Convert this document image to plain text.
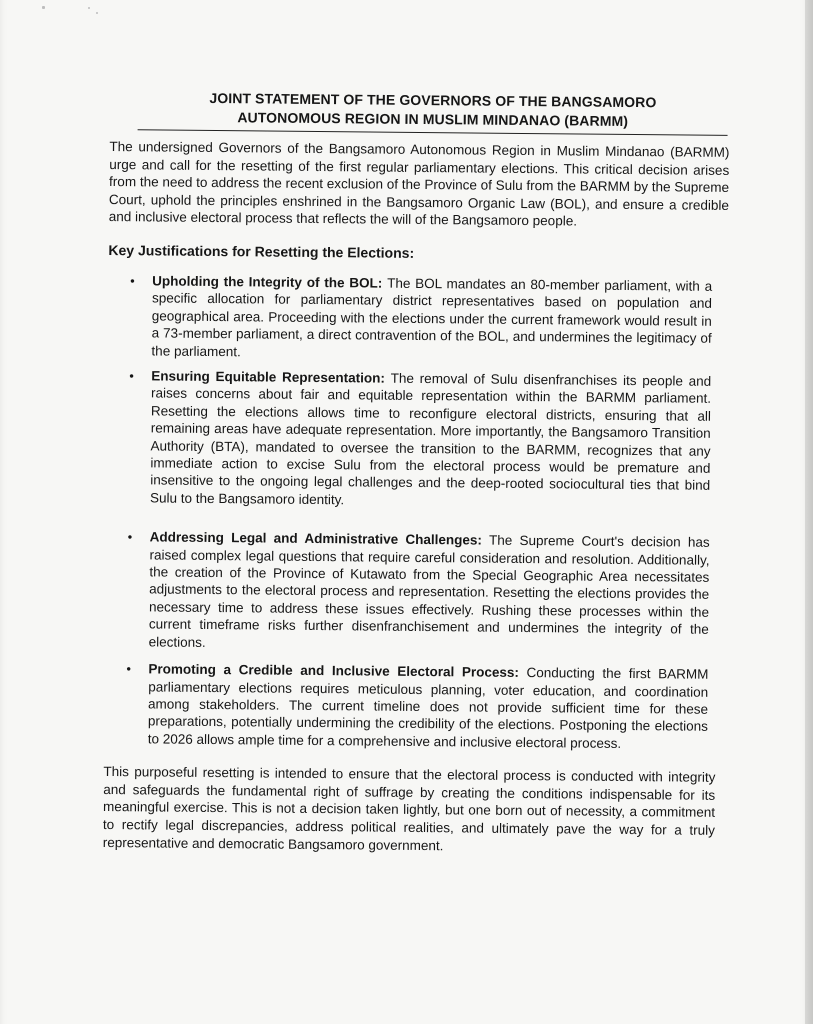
JOINT STATEMENT OF THE GOVERNORS OF THE BANGSAMORO
AUTONOMOUS REGION IN MUSLIM MINDANAO (BARMM)

The undersigned Governors of the Bangsamoro Autonomous Region in Muslim Mindanao (BARMM) urge and call for the resetting of the first regular parliamentary elections. This critical decision arises from the need to address the recent exclusion of the Province of Sulu from the BARMM by the Supreme Court, uphold the principles enshrined in the Bangsamoro Organic Law (BOL), and ensure a credible and inclusive electoral process that reflects the will of the Bangsamoro people.

Key Justifications for Resetting the Elections:
• Upholding the Integrity of the BOL: The BOL mandates an 80-member parliament, with a specific allocation for parliamentary district representatives based on population and geographical area. Proceeding with the elections under the current framework would result in a 73-member parliament, a direct contravention of the BOL, and undermines the legitimacy of the parliament.
• Ensuring Equitable Representation: The removal of Sulu disenfranchises its people and raises concerns about fair and equitable representation within the BARMM parliament. Resetting the elections allows time to reconfigure electoral districts, ensuring that all remaining areas have adequate representation. More importantly, the Bangsamoro Transition Authority (BTA), mandated to oversee the transition to the BARMM, recognizes that any immediate action to excise Sulu from the electoral process would be premature and insensitive to the ongoing legal challenges and the deep-rooted sociocultural ties that bind Sulu to the Bangsamoro identity.
• Addressing Legal and Administrative Challenges: The Supreme Court's decision has raised complex legal questions that require careful consideration and resolution. Additionally, the creation of the Province of Kutawato from the Special Geographic Area necessitates adjustments to the electoral process and representation. Resetting the elections provides the necessary time to address these issues effectively. Rushing these processes within the current timeframe risks further disenfranchisement and undermines the integrity of the elections.
• Promoting a Credible and Inclusive Electoral Process: Conducting the first BARMM parliamentary elections requires meticulous planning, voter education, and coordination among stakeholders. The current timeline does not provide sufficient time for these preparations, potentially undermining the credibility of the elections. Postponing the elections to 2026 allows ample time for a comprehensive and inclusive electoral process.

This purposeful resetting is intended to ensure that the electoral process is conducted with integrity and safeguards the fundamental right of suffrage by creating the conditions indispensable for its meaningful exercise. This is not a decision taken lightly, but one born out of necessity, a commitment to rectify legal discrepancies, address political realities, and ultimately pave the way for a truly representative and democratic Bangsamoro government.
